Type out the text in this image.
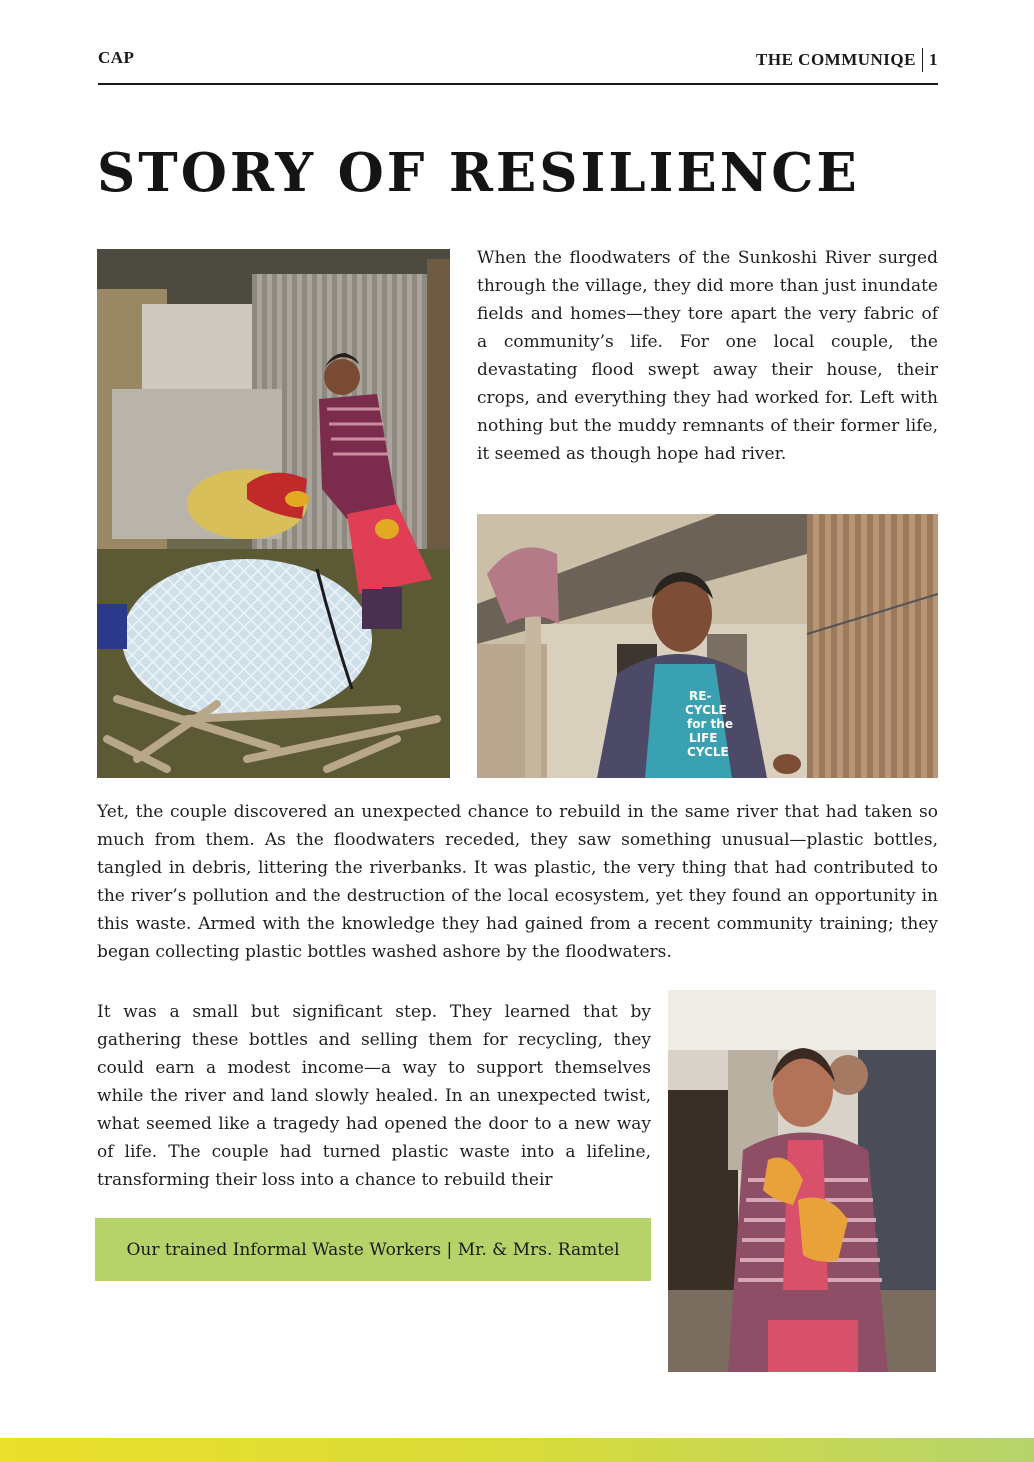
CAP	THE COMMUNIQE 1
STORY OF RESILIENCE

When the floodwaters of the Sunkoshi River surged through the village, they did more than just inundate fields and homes—they tore apart the very fabric of a community’s life. For one local couple, the devastating flood swept away their house, their crops, and everything they had worked for. Left with nothing but the muddy remnants of their former life, it seemed as though hope had river.

RE-
CYCLE
for the
LIFE
CYCLE

Yet, the couple discovered an unexpected chance to rebuild in the same river that had taken so much from them. As the floodwaters receded, they saw something unusual—plastic bottles, tangled in debris, littering the riverbanks. It was plastic, the very thing that had contributed to the river’s pollution and the destruction of the local ecosystem, yet they found an opportunity in this waste. Armed with the knowledge they had gained from a recent community training; they began collecting plastic bottles washed ashore by the floodwaters.

It was a small but significant step. They learned that by gathering these bottles and selling them for recycling, they could earn a modest income—a way to support themselves while the river and land slowly healed. In an unexpected twist, what seemed like a tragedy had opened the door to a new way of life. The couple had turned plastic waste into a lifeline, transforming their loss into a chance to rebuild their

Our trained Informal Waste Workers | Mr. & Mrs. Ramtel
